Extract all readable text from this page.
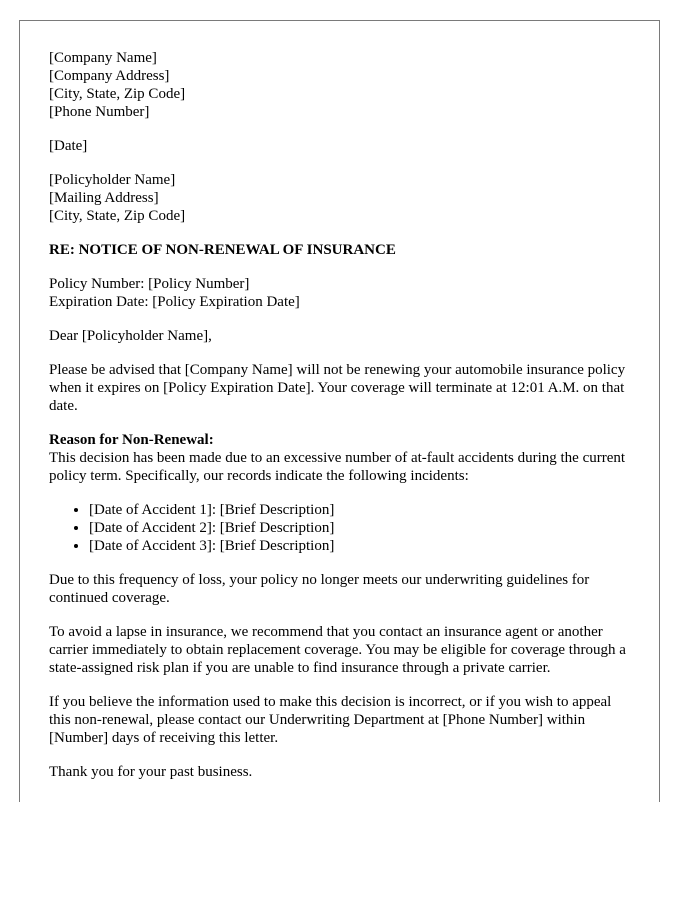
[Company Name]
[Company Address]
[City, State, Zip Code]
[Phone Number]
[Date]
[Policyholder Name]
[Mailing Address]
[City, State, Zip Code]
RE: NOTICE OF NON-RENEWAL OF INSURANCE
Policy Number: [Policy Number]
Expiration Date: [Policy Expiration Date]
Dear [Policyholder Name],

Please be advised that [Company Name] will not be renewing your automobile insurance policy when it expires on [Policy Expiration Date]. Your coverage will terminate at 12:01 A.M. on that date.

Reason for Non-Renewal:
This decision has been made due to an excessive number of at-fault accidents during the current policy term. Specifically, our records indicate the following incidents:
• [Date of Accident 1]: [Brief Description]
• [Date of Accident 2]: [Brief Description]
• [Date of Accident 3]: [Brief Description]

Due to this frequency of loss, your policy no longer meets our underwriting guidelines for continued coverage.

To avoid a lapse in insurance, we recommend that you contact an insurance agent or another carrier immediately to obtain replacement coverage. You may be eligible for coverage through a state-assigned risk plan if you are unable to find insurance through a private carrier.

If you believe the information used to make this decision is incorrect, or if you wish to appeal this non-renewal, please contact our Underwriting Department at [Phone Number] within [Number] days of receiving this letter.

Thank you for your past business.
